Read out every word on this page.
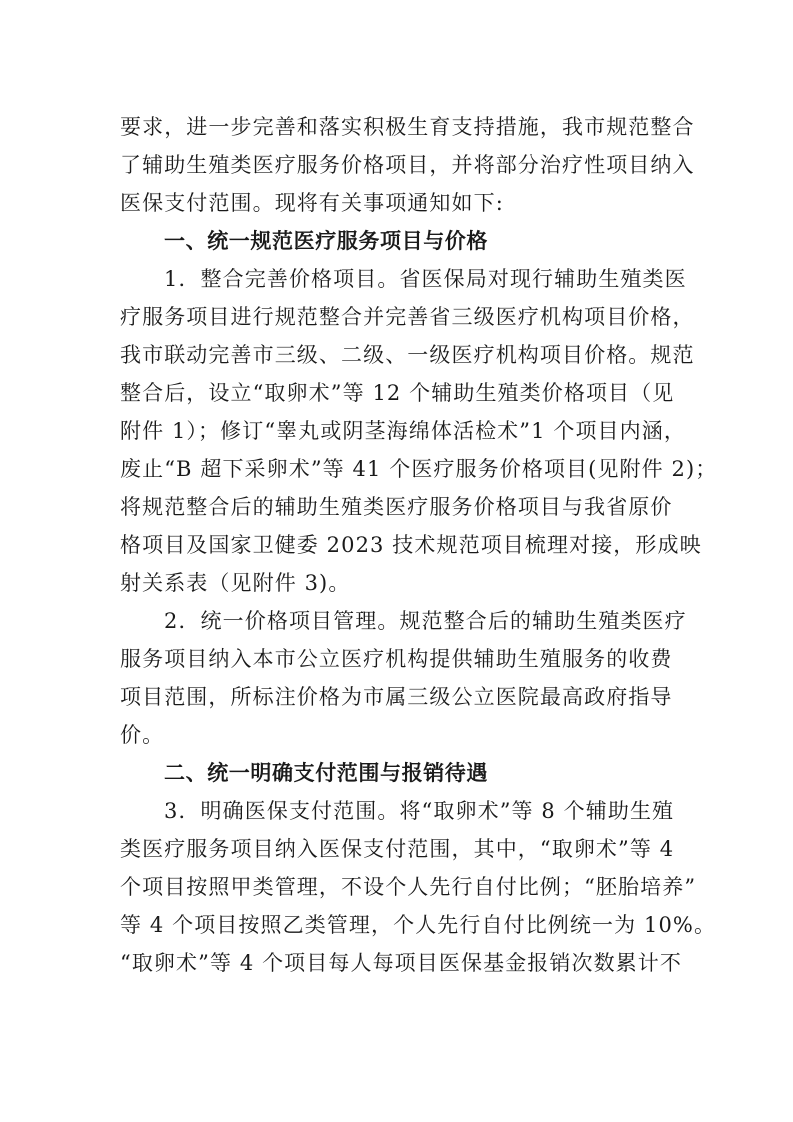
要求，进一步完善和落实积极生育支持措施，我市规范整合
了辅助生殖类医疗服务价格项目，并将部分治疗性项目纳入
医保支付范围。现将有关事项通知如下:
一、统一规范医疗服务项目与价格
1．整合完善价格项目。省医保局对现行辅助生殖类医
疗服务项目进行规范整合并完善省三级医疗机构项目价格，
我市联动完善市三级、二级、一级医疗机构项目价格。规范
整合后，设立“取卵术”等 12 个辅助生殖类价格项目（见
附件 1）；修订“睾丸或阴茎海绵体活检术”1 个项目内涵，
废止“B 超下采卵术”等 41 个医疗服务价格项目(见附件 2)；
将规范整合后的辅助生殖类医疗服务价格项目与我省原价
格项目及国家卫健委 2023 技术规范项目梳理对接，形成映
射关系表（见附件 3)。
2．统一价格项目管理。规范整合后的辅助生殖类医疗
服务项目纳入本市公立医疗机构提供辅助生殖服务的收费
项目范围，所标注价格为市属三级公立医院最高政府指导
价。
二、统一明确支付范围与报销待遇
3．明确医保支付范围。将“取卵术”等 8 个辅助生殖
类医疗服务项目纳入医保支付范围，其中，“取卵术”等 4
个项目按照甲类管理，不设个人先行自付比例；“胚胎培养”
等 4 个项目按照乙类管理，个人先行自付比例统一为 10%。
“取卵术”等 4 个项目每人每项目医保基金报销次数累计不
